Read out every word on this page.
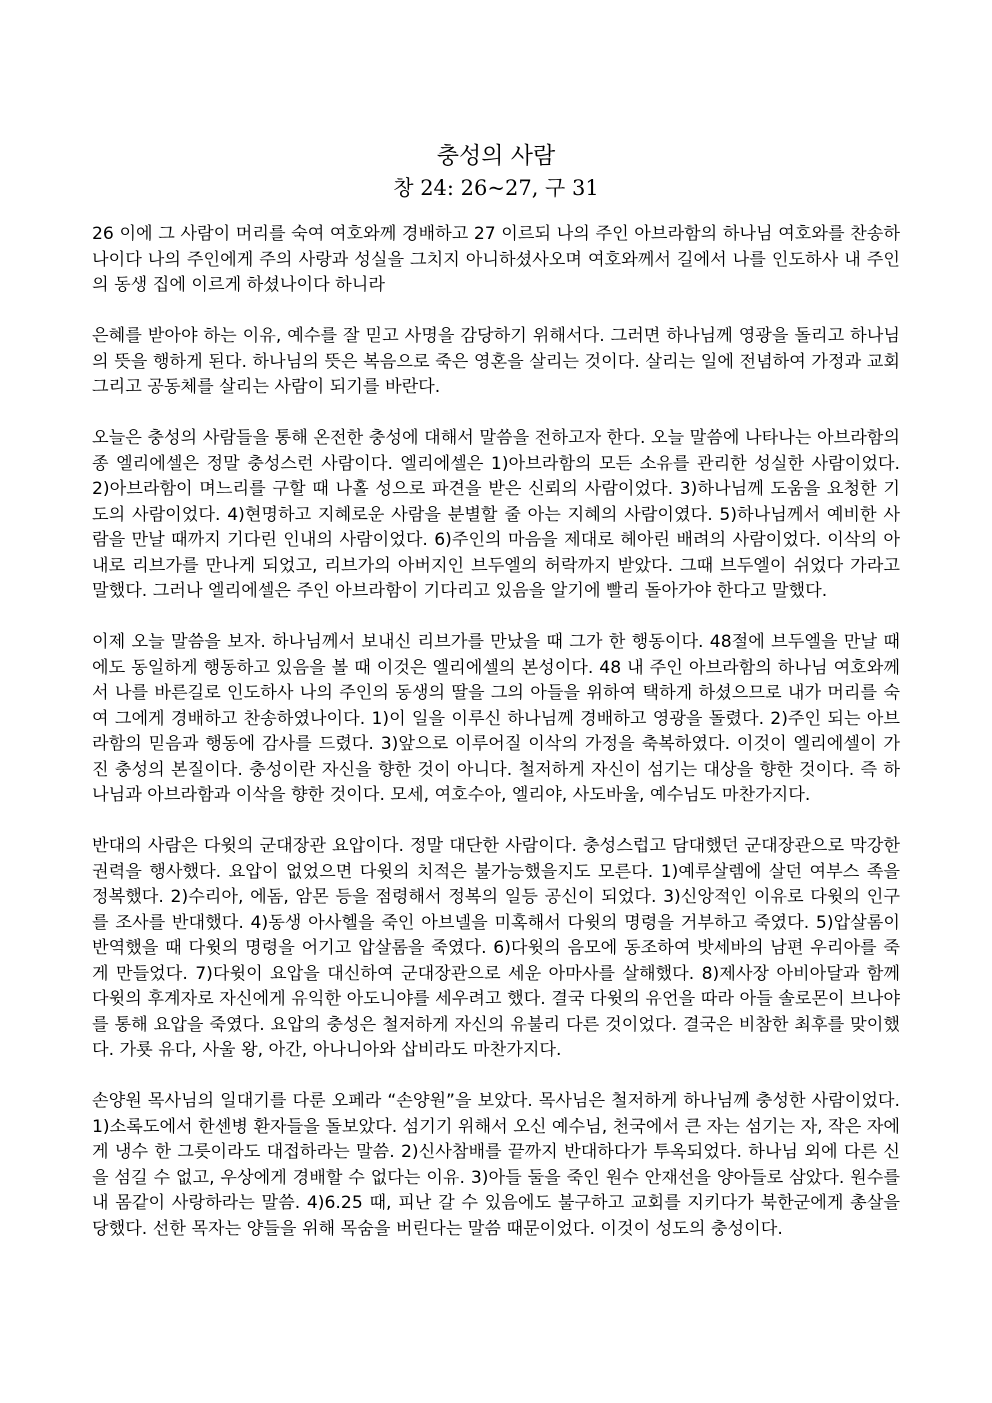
충성의 사람
창 24: 26~27, 구 31

26 이에 그 사람이 머리를 숙여 여호와께 경배하고 27 이르되 나의 주인 아브라함의 하나님 여호와를 찬송하나이다 나의 주인에게 주의 사랑과 성실을 그치지 아니하셨사오며 여호와께서 길에서 나를 인도하사 내 주인의 동생 집에 이르게 하셨나이다 하니라

은혜를 받아야 하는 이유, 예수를 잘 믿고 사명을 감당하기 위해서다. 그러면 하나님께 영광을 돌리고 하나님의 뜻을 행하게 된다. 하나님의 뜻은 복음으로 죽은 영혼을 살리는 것이다. 살리는 일에 전념하여 가정과 교회 그리고 공동체를 살리는 사람이 되기를 바란다.

오늘은 충성의 사람들을 통해 온전한 충성에 대해서 말씀을 전하고자 한다. 오늘 말씀에 나타나는 아브라함의 종 엘리에셀은 정말 충성스런 사람이다. 엘리에셀은 1)아브라함의 모든 소유를 관리한 성실한 사람이었다. 2)아브라함이 며느리를 구할 때 나홀 성으로 파견을 받은 신뢰의 사람이었다. 3)하나님께 도움을 요청한 기도의 사람이었다. 4)현명하고 지혜로운 사람을 분별할 줄 아는 지혜의 사람이였다. 5)하나님께서 예비한 사람을 만날 때까지 기다린 인내의 사람이었다. 6)주인의 마음을 제대로 헤아린 배려의 사람이었다. 이삭의 아내로 리브가를 만나게 되었고, 리브가의 아버지인 브두엘의 허락까지 받았다. 그때 브두엘이 쉬었다 가라고 말했다. 그러나 엘리에셀은 주인 아브라함이 기다리고 있음을 알기에 빨리 돌아가야 한다고 말했다.

이제 오늘 말씀을 보자. 하나님께서 보내신 리브가를 만났을 때 그가 한 행동이다. 48절에 브두엘을 만날 때에도 동일하게 행동하고 있음을 볼 때 이것은 엘리에셀의 본성이다. 48 내 주인 아브라함의 하나님 여호와께서 나를 바른길로 인도하사 나의 주인의 동생의 딸을 그의 아들을 위하여 택하게 하셨으므로 내가 머리를 숙여 그에게 경배하고 찬송하였나이다. 1)이 일을 이루신 하나님께 경배하고 영광을 돌렸다. 2)주인 되는 아브라함의 믿음과 행동에 감사를 드렸다. 3)앞으로 이루어질 이삭의 가정을 축복하였다. 이것이 엘리에셀이 가진 충성의 본질이다. 충성이란 자신을 향한 것이 아니다. 철저하게 자신이 섬기는 대상을 향한 것이다. 즉 하나님과 아브라함과 이삭을 향한 것이다. 모세, 여호수아, 엘리야, 사도바울, 예수님도 마찬가지다.

반대의 사람은 다윗의 군대장관 요압이다. 정말 대단한 사람이다. 충성스럽고 담대했던 군대장관으로 막강한 권력을 행사했다. 요압이 없었으면 다윗의 치적은 불가능했을지도 모른다. 1)예루살렘에 살던 여부스 족을 정복했다. 2)수리아, 에돔, 암몬 등을 점령해서 정복의 일등 공신이 되었다. 3)신앙적인 이유로 다윗의 인구를 조사를 반대했다. 4)동생 아사헬을 죽인 아브넬을 미혹해서 다윗의 명령을 거부하고 죽였다. 5)압살롬이 반역했을 때 다윗의 명령을 어기고 압살롬을 죽였다. 6)다윗의 음모에 동조하여 밧세바의 남편 우리아를 죽게 만들었다. 7)다윗이 요압을 대신하여 군대장관으로 세운 아마사를 살해했다. 8)제사장 아비아달과 함께 다윗의 후계자로 자신에게 유익한 아도니야를 세우려고 했다. 결국 다윗의 유언을 따라 아들 솔로몬이 브나야를 통해 요압을 죽였다. 요압의 충성은 철저하게 자신의 유불리 다른 것이었다. 결국은 비참한 최후를 맞이했다. 가룟 유다, 사울 왕, 아간, 아나니아와 삽비라도 마찬가지다.

손양원 목사님의 일대기를 다룬 오페라 “손양원”을 보았다. 목사님은 철저하게 하나님께 충성한 사람이었다. 1)소록도에서 한센병 환자들을 돌보았다. 섬기기 위해서 오신 예수님, 천국에서 큰 자는 섬기는 자, 작은 자에게 냉수 한 그릇이라도 대접하라는 말씀. 2)신사참배를 끝까지 반대하다가 투옥되었다. 하나님 외에 다른 신을 섬길 수 없고, 우상에게 경배할 수 없다는 이유. 3)아들 둘을 죽인 원수 안재선을 양아들로 삼았다. 원수를 내 몸같이 사랑하라는 말씀. 4)6.25 때, 피난 갈 수 있음에도 불구하고 교회를 지키다가 북한군에게 총살을 당했다. 선한 목자는 양들을 위해 목숨을 버린다는 말씀 때문이었다. 이것이 성도의 충성이다.
